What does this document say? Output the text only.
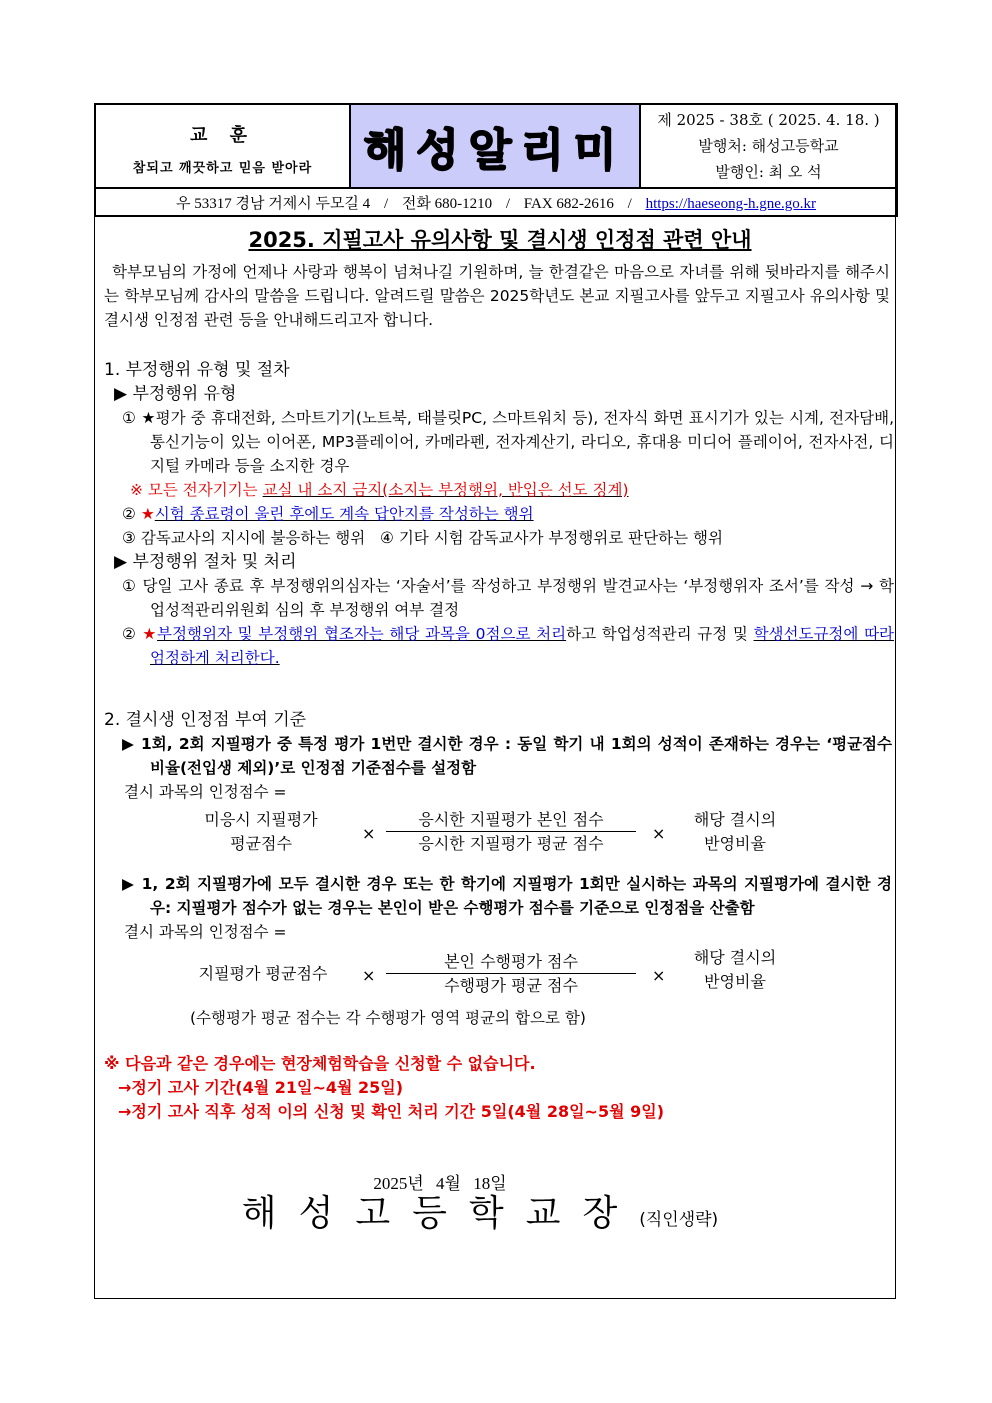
교 훈
참되고 깨끗하고 믿음 받아라	해성알리미	
제 2025 - 38호 ( 2025. 4. 18. )
발행처: 해성고등학교
발행인: 최 오 석

우 53317 경남 거제시 두모길 4 / 전화 680-1210 / FAX 682-2616 / https://haeseong-h.gne.go.kr
2025. 지필고사 유의사항 및 결시생 인정점 관련 안내

학부모님의 가정에 언제나 사랑과 행복이 넘쳐나길 기원하며, 늘 한결같은 마음으로 자녀를 위해 뒷바라지를 해주시는 학부모님께 감사의 말씀을 드립니다. 알려드릴 말씀은 2025학년도 본교 지필고사를 앞두고 지필고사 유의사항 및 결시생 인정점 관련 등을 안내해드리고자 합니다.

1. 부정행위 유형 및 절차
▶ 부정행위 유형
① ★평가 중 휴대전화, 스마트기기(노트북, 태블릿PC, 스마트워치 등), 전자식 화면 표시기가 있는 시계, 전자담배, 통신기능이 있는 이어폰, MP3플레이어, 카메라펜, 전자계산기, 라디오, 휴대용 미디어 플레이어, 전자사전, 디지털 카메라 등을 소지한 경우
※ 모든 전자기기는 교실 내 소지 금지(소지는 부정행위, 반입은 선도 징계)
② ★시험 종료령이 울린 후에도 계속 답안지를 작성하는 행위
③ 감독교사의 지시에 불응하는 행위 ④ 기타 시험 감독교사가 부정행위로 판단하는 행위
▶ 부정행위 절차 및 처리
① 당일 고사 종료 후 부정행위의심자는 ‘자술서’를 작성하고 부정행위 발견교사는 ‘부정행위자 조서’를 작성 → 학업성적관리위원회 심의 후 부정행위 여부 결정
② ★부정행위자 및 부정행위 협조자는 해당 과목을 0점으로 처리하고 학업성적관리 규정 및 학생선도규정에 따라 엄정하게 처리한다.
2. 결시생 인정점 부여 기준
▶ 1회, 2회 지필평가 중 특정 평가 1번만 결시한 경우 : 동일 학기 내 1회의 성적이 존재하는 경우는 ‘평균점수 비율(전입생 제외)’로 인정점 기준점수를 설정함
결시 과목의 인정점수 =
미응시 지필평가
평균점수
×
응시한 지필평가 본인 점수
응시한 지필평가 평균 점수
×
해당 결시의
반영비율
▶ 1, 2회 지필평가에 모두 결시한 경우 또는 한 학기에 지필평가 1회만 실시하는 과목의 지필평가에 결시한 경우: 지필평가 점수가 없는 경우는 본인이 받은 수행평가 점수를 기준으로 인정점을 산출함
결시 과목의 인정점수 =
지필평가 평균점수	×
본인 수행평가 점수
수행평가 평균 점수
×
해당 결시의
반영비율
(수행평가 평균 점수는 각 수행평가 영역 평균의 합으로 함)
※ 다음과 같은 경우에는 현장체험학습을 신청할 수 없습니다.
→정기 고사 기간(4월 21일~4월 25일)
→정기 고사 직후 성적 이의 신청 및 확인 처리 기간 5일(4월 28일~5월 9일)
2025년 4월 18일
해성고등학교장(직인생략)
